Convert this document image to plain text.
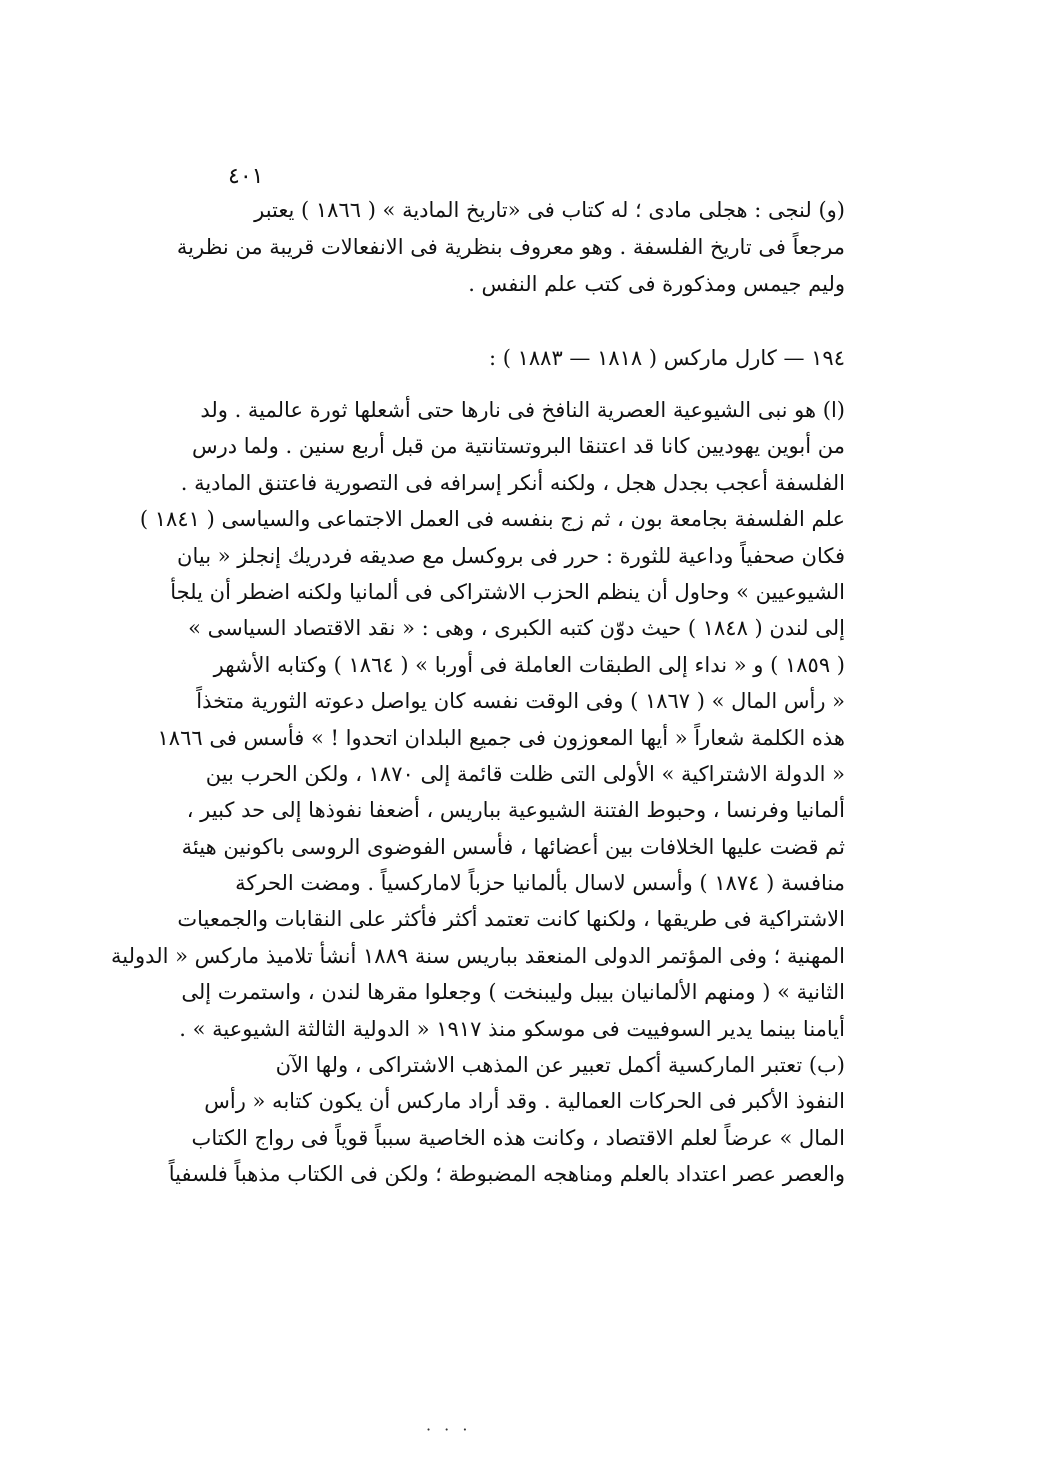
٤٠١
(و) لنجى : هجلى مادى ؛ له كتاب فى «تاريخ المادية » ( ١٨٦٦ ) يعتبر
مرجعاً فى تاريخ الفلسفة . وهو معروف بنظرية فى الانفعالات قريبة من نظرية
وليم جيمس ومذكورة فى كتب علم النفس .
١٩٤ — كارل ماركس ( ١٨١٨ — ١٨٨٣ ) :
(ا) هو نبى الشيوعية العصرية النافخ فى نارها حتى أشعلها ثورة عالمية . ولد
من أبوين يهوديين كانا قد اعتنقا البروتستانتية من قبل أربع سنين . ولما درس
الفلسفة أعجب بجدل هجل ، ولكنه أنكر إسرافه فى التصورية فاعتنق المادية .
علم الفلسفة بجامعة بون ، ثم زج بنفسه فى العمل الاجتماعى والسياسى ( ١٨٤١ )
فكان صحفياً وداعية للثورة : حرر فى بروكسل مع صديقه فردريك إنجلز « بيان
الشيوعيين » وحاول أن ينظم الحزب الاشتراكى فى ألمانيا ولكنه اضطر أن يلجأ
إلى لندن ( ١٨٤٨ ) حيث دوّن كتبه الكبرى ، وهى : « نقد الاقتصاد السياسى »
( ١٨٥٩ ) و « نداء إلى الطبقات العاملة فى أوربا » ( ١٨٦٤ ) وكتابه الأشهر
« رأس المال » ( ١٨٦٧ ) وفى الوقت نفسه كان يواصل دعوته الثورية متخذاً
هذه الكلمة شعاراً « أيها المعوزون فى جميع البلدان اتحدوا ! » فأسس فى ١٨٦٦
« الدولة الاشتراكية » الأولى التى ظلت قائمة إلى ١٨٧٠ ، ولكن الحرب بين
ألمانيا وفرنسا ، وحبوط الفتنة الشيوعية بباريس ، أضعفا نفوذها إلى حد كبير ،
ثم قضت عليها الخلافات بين أعضائها ، فأسس الفوضوى الروسى باكونين هيئة
منافسة ( ١٨٧٤ ) وأسس لاسال بألمانيا حزباً لاماركسياً . ومضت الحركة
الاشتراكية فى طريقها ، ولكنها كانت تعتمد أكثر فأكثر على النقابات والجمعيات
المهنية ؛ وفى المؤتمر الدولى المنعقد بباريس سنة ١٨٨٩ أنشأ تلاميذ ماركس « الدولية
الثانية » ( ومنهم الألمانيان بيبل وليبنخت ) وجعلوا مقرها لندن ، واستمرت إلى
أيامنا بينما يدير السوفييت فى موسكو منذ ١٩١٧ « الدولية الثالثة الشيوعية » .
(ب) تعتبر الماركسية أكمل تعبير عن المذهب الاشتراكى ، ولها الآن
النفوذ الأكبر فى الحركات العمالية . وقد أراد ماركس أن يكون كتابه « رأس
المال » عرضاً لعلم الاقتصاد ، وكانت هذه الخاصية سبباً قوياً فى رواج الكتاب
والعصر عصر اعتداد بالعلم ومناهجه المضبوطة ؛ ولكن فى الكتاب مذهباً فلسفياً
· · ·
